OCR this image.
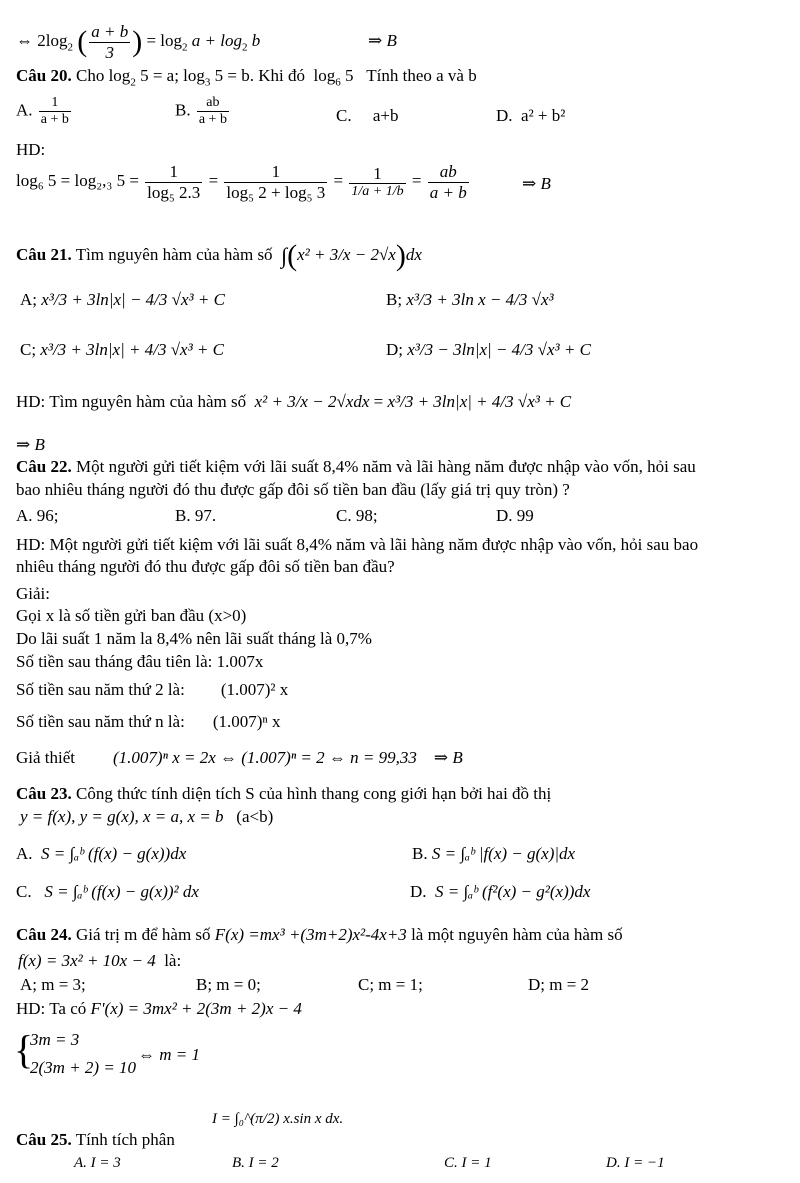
⇔ $2\log_2$ ( $\frac{a + b}{3}$ ) = $\log_2 a + \log_2 b$	⇒ B
Câu 20. Cho $\log_2 5 = a$; $\log_3 5 = b$. Khi đó $\log_6 5$ Tính theo a và b
A. $\frac{1}{a + b}$	B. $\frac{ab}{a + b}$	C. a+b	D. a² + b²
HD:
log₆ 5 = log₂,₃ $5 = \frac{1}{\text{log₅ 2.3}} = \frac{1}{\text{log₅ 2 + log₅ 3}} = \frac{1}{1/a + 1/b} = \frac{ab}{a + b}$	⇒ B
Câu 21. Tìm nguyên hàm của hàm số ∫(x² + 3/x − 2√x)dx
A; x³/3 + 3ln|x| − 4/3 √x³ + C	B; x³/3 + 3ln x − 4/3 √x³
C; x³/3 + 3ln|x| + 4/3 √x³ + C	D; x³/3 − 3ln|x| − 4/3 √x³ + C
HD: Tìm nguyên hàm của hàm số x² + 3/x − 2√xdx = x³/3 + 3ln|x| + 4/3 √x³ + C
⇒ B
Câu 22. Một người gửi tiết kiệm với lãi suất 8,4% năm và lãi hàng năm được nhập vào vốn, hỏi sau
bao nhiêu tháng người đó thu được gấp đôi số tiền ban đầu (lấy giá trị quy tròn) ?
A. 96;	B. 97.	C. 98;	D. 99
HD: Một người gửi tiết kiệm với lãi suất 8,4% năm và lãi hàng năm được nhập vào vốn, hỏi sau bao
nhiêu tháng người đó thu được gấp đôi số tiền ban đầu?
Giải:
Gọi x là số tiền gửi ban đầu (x>0)
Do lãi suất 1 năm la 8,4% nên lãi suất tháng là 0,7%
Số tiền sau tháng đâu tiên là: 1.007x
Số tiền sau năm thứ 2 là: (1.007)² x
Số tiền sau năm thứ n là: (1.007)ⁿ x
Giả thiết (1.007)ⁿ x = 2x ⇔ (1.007)ⁿ = 2 ⇔ n = 99,33 ⇒ B
Câu 23. Công thức tính diện tích S của hình thang cong giới hạn bởi hai đồ thị
y = f(x), y = g(x), x = a, x = b (a<b)
A. S = ∫ₐᵇ (f(x) − g(x))dx	B. S = ∫ₐᵇ |f(x) − g(x)|dx
C. S = ∫ₐᵇ (f(x) − g(x))² dx	D. S = ∫ₐᵇ (f²(x) − g²(x))dx
Câu 24. Giá trị m để hàm số F(x) =mx³ +(3m+2)x²-4x+3 là một nguyên hàm của hàm số
f(x) = 3x² + 10x − 4 là:
A; m = 3;	B; m = 0;	C; m = 1;	D; m = 2
HD: Ta có F'(x) = 3mx² + 2(3m + 2)x − 4
{
3m = 3
2(3m + 2) = 10
⇔ m = 1
I = ∫₀^(π/2) x.sin x dx.
Câu 25. Tính tích phân
A. I = 3	B. I = 2	C. I = 1	D. I = −1
